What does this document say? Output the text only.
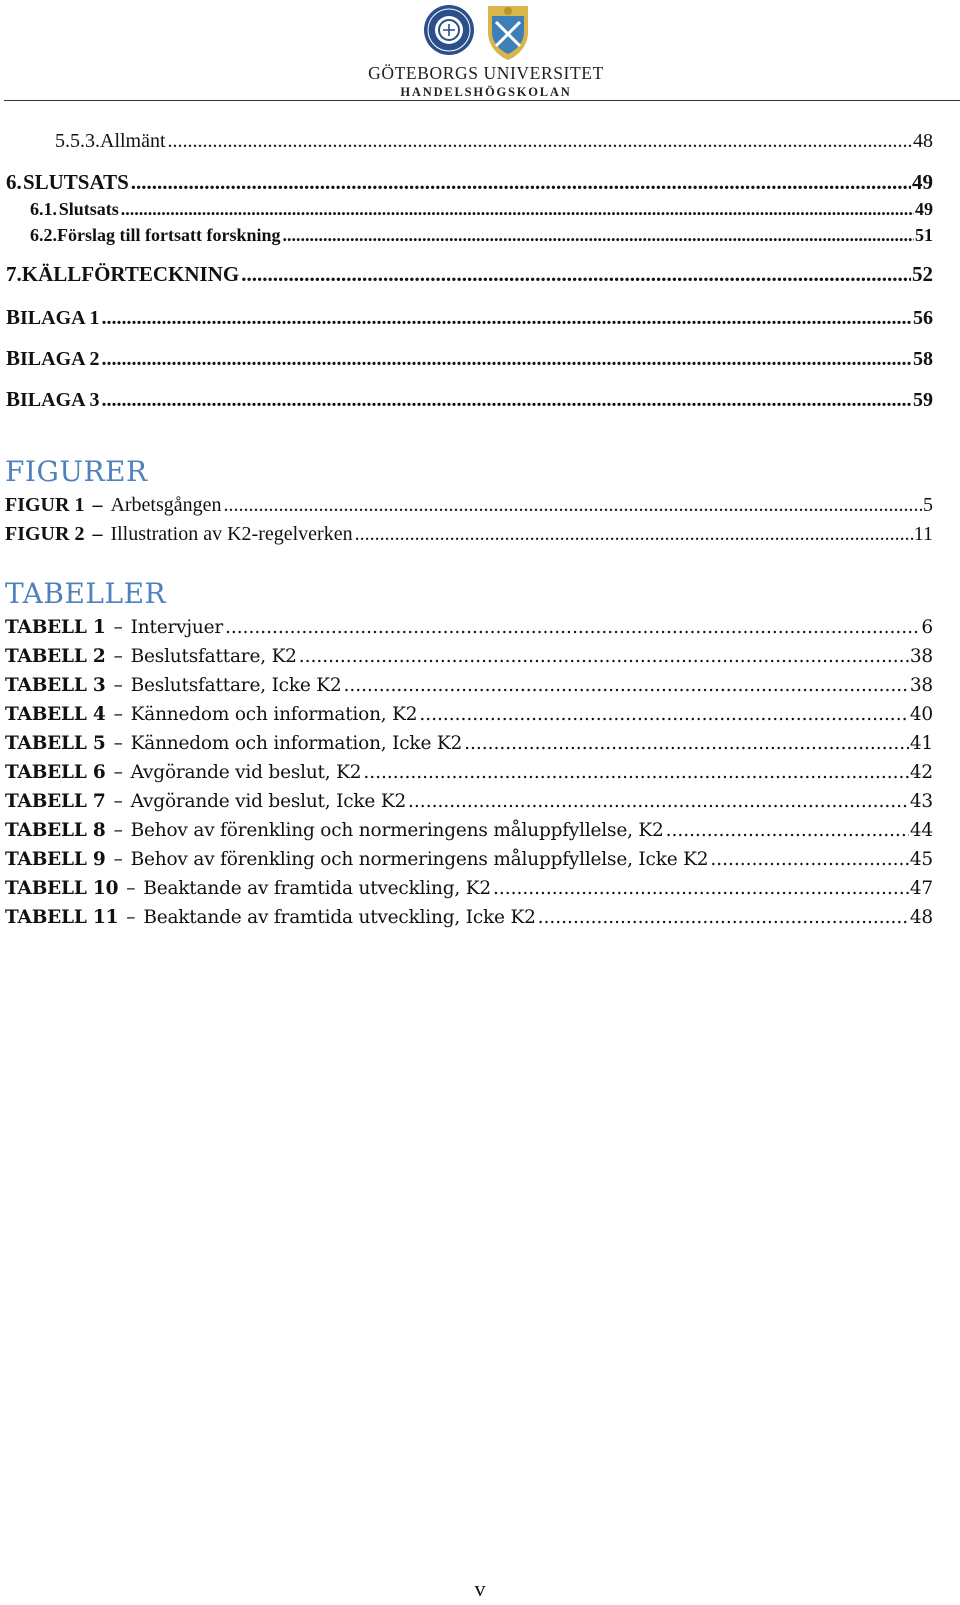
GÖTEBORGS UNIVERSITET
HANDELSHÖGSKOLAN
5.5.3. Allmänt .....	48
6. SLUTSATS .....	49
6.1. Slutsats .....	49
6.2. Förslag till fortsatt forskning .....	51
7. KÄLLFÖRTECKNING .....	52
B ILAGA 1 .....	56
B ILAGA 2 .....	58
B ILAGA 3 .....	59
FIGURER
FIGUR 1 – Arbetsgången .....	5
FIGUR 2 – Illustration av K2-regelverken .....	11
TABELLER
TABELL 1 – Intervjuer .....	6
TABELL 2 – Beslutsfattare, K2 .....	38
TABELL 3 – Beslutsfattare, Icke K2 .....	38
TABELL 4 – Kännedom och information, K2 .....	40
TABELL 5 – Kännedom och information, Icke K2 .....	41
TABELL 6 – Avgörande vid beslut, K2 .....	42
TABELL 7 – Avgörande vid beslut, Icke K2 .....	43
TABELL 8 – Behov av förenkling och normeringens måluppfyllelse, K2 .....	44
TABELL 9 – Behov av förenkling och normeringens måluppfyllelse, Icke K2 .....	45
TABELL 10 – Beaktande av framtida utveckling, K2 .....	47
TABELL 11 – Beaktande av framtida utveckling, Icke K2 .....	48
v
